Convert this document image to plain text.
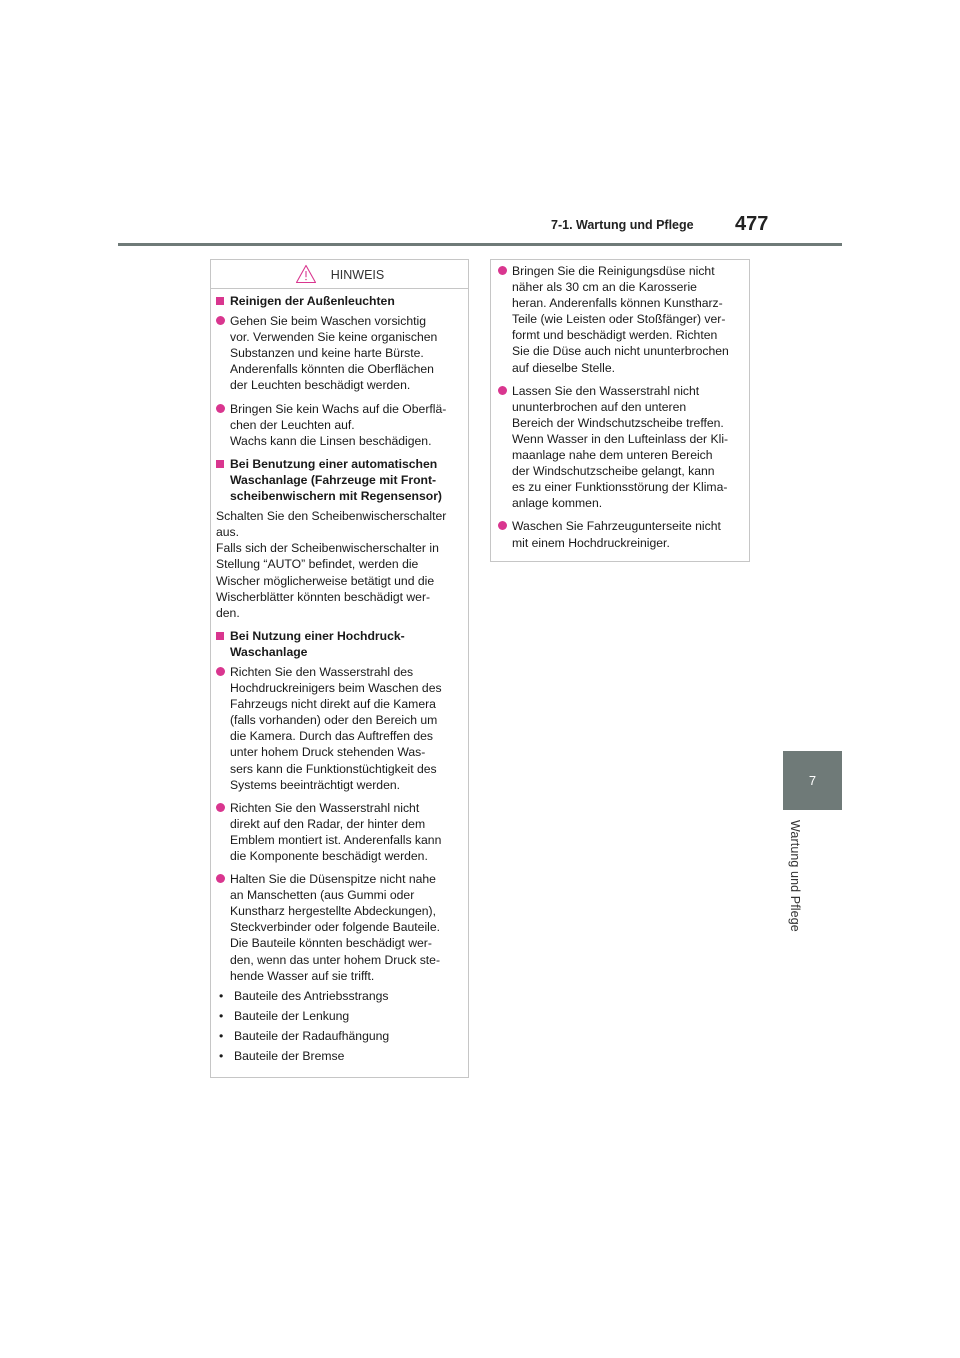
7-1. Wartung und Pflege 477
7
Wartung und Pflege
HINWEIS
Reinigen der Außenleuchten
Gehen Sie beim Waschen vorsichtig
vor. Verwenden Sie keine organischen
Substanzen und keine harte Bürste.
Anderenfalls könnten die Oberflächen
der Leuchten beschädigt werden.
Bringen Sie kein Wachs auf die Oberflä-
chen der Leuchten auf.
Wachs kann die Linsen beschädigen.
Bei Benutzung einer automatischen
Waschanlage (Fahrzeuge mit Front-
scheibenwischern mit Regensensor)
Schalten Sie den Scheibenwischerschalter
aus.
Falls sich der Scheibenwischerschalter in
Stellung “AUTO” befindet, werden die
Wischer möglicherweise betätigt und die
Wischerblätter könnten beschädigt wer-
den.
Bei Nutzung einer Hochdruck-
Waschanlage
Richten Sie den Wasserstrahl des
Hochdruckreinigers beim Waschen des
Fahrzeugs nicht direkt auf die Kamera
(falls vorhanden) oder den Bereich um
die Kamera. Durch das Auftreffen des
unter hohem Druck stehenden Was-
sers kann die Funktionstüchtigkeit des
Systems beeinträchtigt werden.
Richten Sie den Wasserstrahl nicht
direkt auf den Radar, der hinter dem
Emblem montiert ist. Anderenfalls kann
die Komponente beschädigt werden.
Halten Sie die Düsenspitze nicht nahe
an Manschetten (aus Gummi oder
Kunstharz hergestellte Abdeckungen),
Steckverbinder oder folgende Bauteile.
Die Bauteile könnten beschädigt wer-
den, wenn das unter hohem Druck ste-
hende Wasser auf sie trifft.
• Bauteile des Antriebsstrangs
• Bauteile der Lenkung
• Bauteile der Radaufhängung
• Bauteile der Bremse
Bringen Sie die Reinigungsdüse nicht
näher als 30 cm an die Karosserie
heran. Anderenfalls können Kunstharz-
Teile (wie Leisten oder Stoßfänger) ver-
formt und beschädigt werden. Richten
Sie die Düse auch nicht ununterbrochen
auf dieselbe Stelle.
Lassen Sie den Wasserstrahl nicht
ununterbrochen auf den unteren
Bereich der Windschutzscheibe treffen.
Wenn Wasser in den Lufteinlass der Kli-
maanlage nahe dem unteren Bereich
der Windschutzscheibe gelangt, kann
es zu einer Funktionsstörung der Klima-
anlage kommen.
Waschen Sie Fahrzeugunterseite nicht
mit einem Hochdruckreiniger.
